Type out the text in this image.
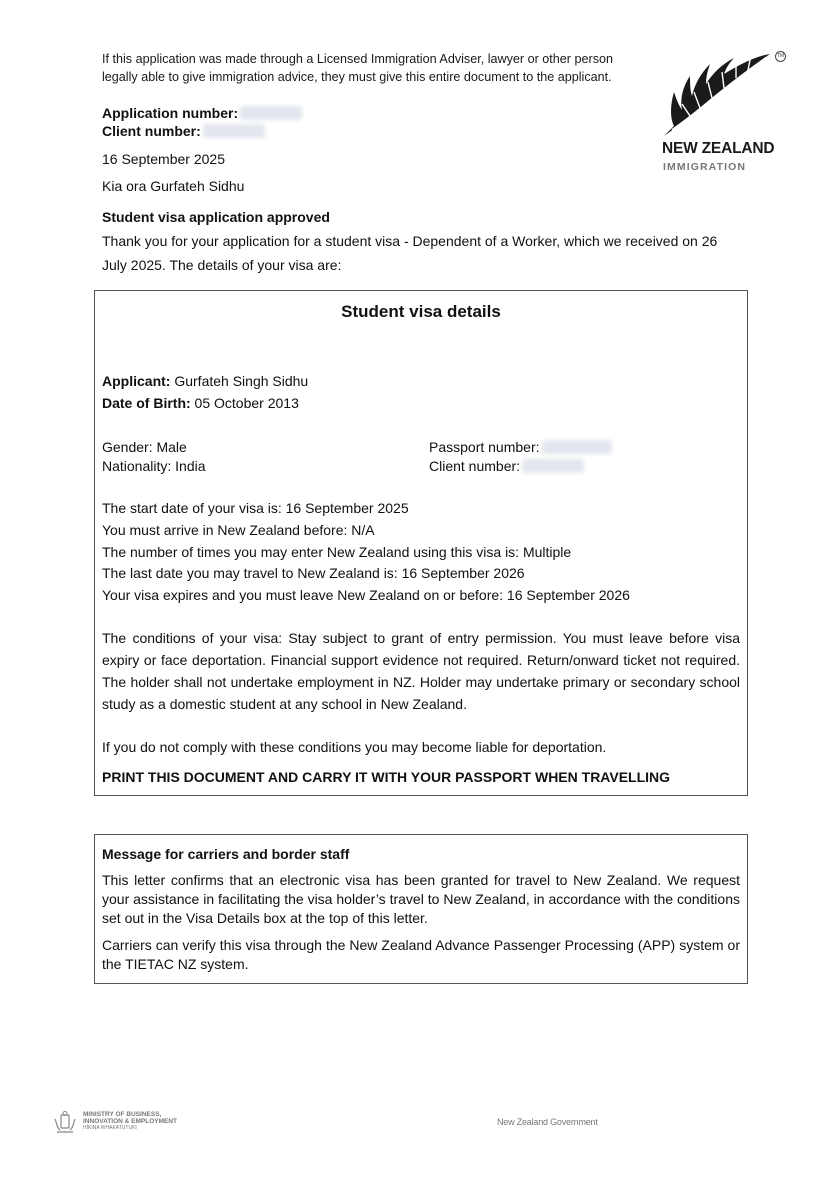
If this application was made through a Licensed Immigration Adviser, lawyer or other person legally able to give immigration advice, they must give this entire document to the applicant.
TM
NEW ZEALAND
IMMIGRATION
Application number:
Client number:
16 September 2025
Kia ora Gurfateh Sidhu
Student visa application approved
Thank you for your application for a student visa - Dependent of a Worker, which we received on 26 July 2025. The details of your visa are:
Student visa details
Applicant: Gurfateh Singh Sidhu
Date of Birth: 05 October 2013
Gender: Male
Nationality: India
Passport number:
Client number:
The start date of your visa is: 16 September 2025
You must arrive in New Zealand before: N/A
The number of times you may enter New Zealand using this visa is: Multiple
The last date you may travel to New Zealand is: 16 September 2026
Your visa expires and you must leave New Zealand on or before: 16 September 2026
The conditions of your visa: Stay subject to grant of entry permission. You must leave before visa expiry or face deportation. Financial support evidence not required. Return/onward ticket not required. The holder shall not undertake employment in NZ. Holder may undertake primary or secondary school study as a domestic student at any school in New Zealand.
If you do not comply with these conditions you may become liable for deportation.
PRINT THIS DOCUMENT AND CARRY IT WITH YOUR PASSPORT WHEN TRAVELLING
Message for carriers and border staff
This letter confirms that an electronic visa has been granted for travel to New Zealand. We request your assistance in facilitating the visa holder’s travel to New Zealand, in accordance with the conditions set out in the Visa Details box at the top of this letter.
Carriers can verify this visa through the New Zealand Advance Passenger Processing (APP) system or the TIETAC NZ system.
MINISTRY OF BUSINESS,
INNOVATION & EMPLOYMENT
HĪKINA WHAKATUTUKI
New Zealand Government
